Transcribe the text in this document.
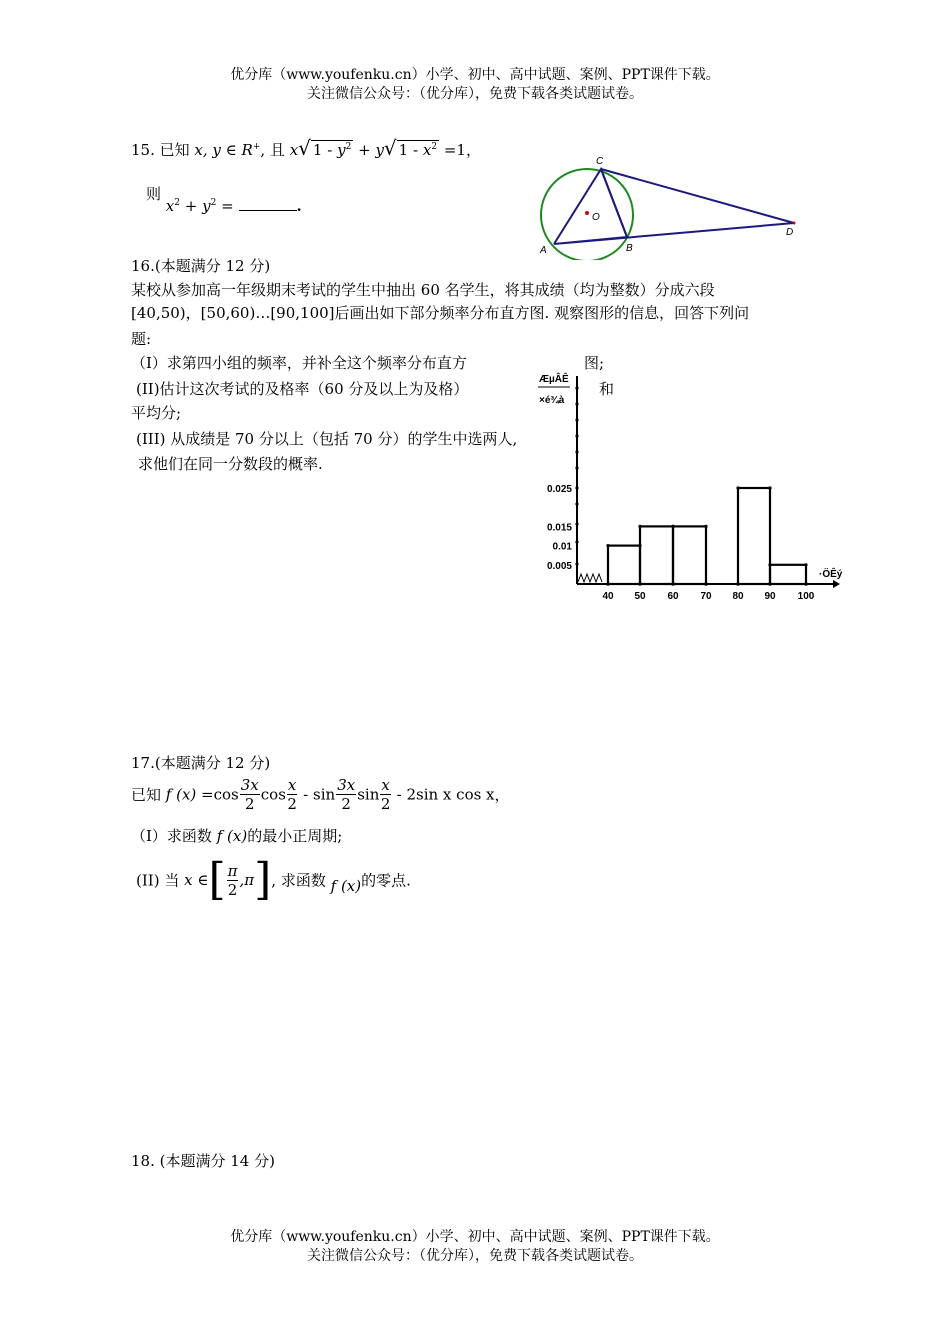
优分库（www.youfenku.cn）小学、初中、高中试题、案例、PPT课件下载。
关注微信公众号：（优分库），免费下载各类试题试卷。
15. 已知 x, y ∈ R+, 且 x√ $1 - y^2 + y√$ $1 - x^2 =1$，
则 $x^2 + y^2$ =	.
C
O
A	B
D
16.(本题满分 12 分)
某校从参加高一年级期末考试的学生中抽出 60 名学生，将其成绩（均为整数）分成六段
[40,50)，[50,60)…[90,100]后画出如下部分频率分布直方图. 观察图形的信息，回答下列问
题:
（Ⅰ）求第四小组的频率，并补全这个频率分布直方	图;
(II)估计这次考试的及格率（60 分及以上为及格）	和
平均分;
(III) 从成绩是 70 分以上（包括 70 分）的学生中选两人,
求他们在同一分数段的概率.
40 50 60 70 80 90 100
0.025
0.015
0.01
0.005
ÆµÂÊ
×é¾à
·ÖÊý
17.(本题满分 12 分)
已知 f $(x) =\cos \frac{3x}{2}$ $\cos \frac{x}{2}$ - $\sin \frac{3x}{2}$ $\sin \frac{x}{2} - 2\sin$ x cos x，
（Ⅰ）求函数 f (x)的最小正周期;
(II) 当 x ∈[ $\frac{\pi}{2} ,\pi$], 求函数 f (x)的零点.
18. (本题满分 14 分)
优分库（www.youfenku.cn）小学、初中、高中试题、案例、PPT课件下载。
关注微信公众号：（优分库），免费下载各类试题试卷。
